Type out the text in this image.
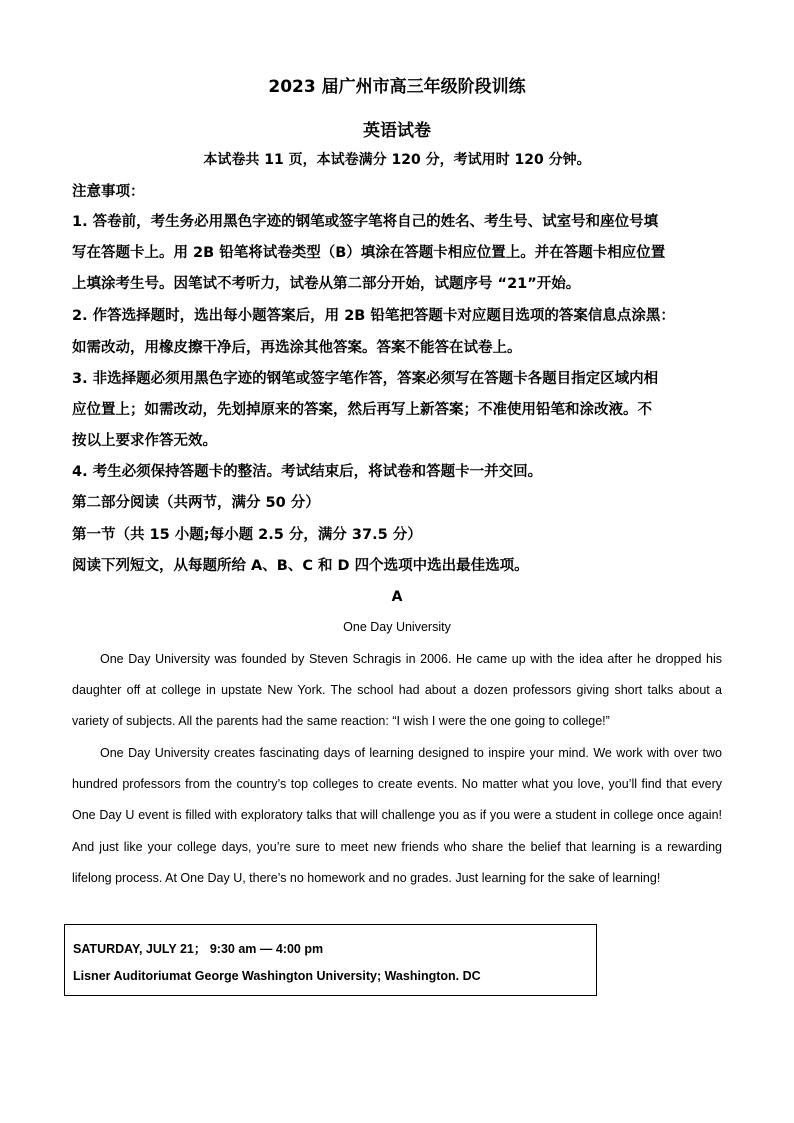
2023 届广州市高三年级阶段训练
英语试卷
本试卷共 11 页，本试卷满分 120 分，考试用时 120 分钟。
注意事项：
1. 答卷前，考生务必用黑色字迹的钢笔或签字笔将自己的姓名、考生号、试室号和座位号填
写在答题卡上。用 2B 铅笔将试卷类型（B）填涂在答题卡相应位置上。并在答题卡相应位置
上填涂考生号。因笔试不考听力，试卷从第二部分开始，试题序号 “21”开始。
2. 作答选择题时，选出每小题答案后，用 2B 铅笔把答题卡对应题目选项的答案信息点涂黑：
如需改动，用橡皮擦干净后，再选涂其他答案。答案不能答在试卷上。
3. 非选择题必须用黑色字迹的钢笔或签字笔作答，答案必须写在答题卡各题目指定区域内相
应位置上；如需改动，先划掉原来的答案，然后再写上新答案；不准使用铅笔和涂改液。不
按以上要求作答无效。
4. 考生必须保持答题卡的整洁。考试结束后，将试卷和答题卡一并交回。
第二部分阅读（共两节，满分 50 分）
第一节（共 15 小题;每小题 2.5 分，满分 37.5 分）
阅读下列短文，从每题所给 A、B、C 和 D 四个选项中选出最佳选项。
A
One Day University
One Day University was founded by Steven Schragis in 2006. He came up with the idea after he dropped his daughter off at college in upstate New York. The school had about a dozen professors giving short talks about a variety of subjects. All the parents had the same reaction: “I wish I were the one going to college!”
One Day University creates fascinating days of learning designed to inspire your mind. We work with over two hundred professors from the country’s top colleges to create events. No matter what you love, you’ll find that every One Day U event is filled with exploratory talks that will challenge you as if you were a student in college once again! And just like your college days, you’re sure to meet new friends who share the belief that learning is a rewarding lifelong process. At One Day U, there’s no homework and no grades. Just learning for the sake of learning!
SATURDAY, JULY 21； 9:30 am — 4:00 pm
Lisner Auditoriumat George Washington University; Washington. DC
